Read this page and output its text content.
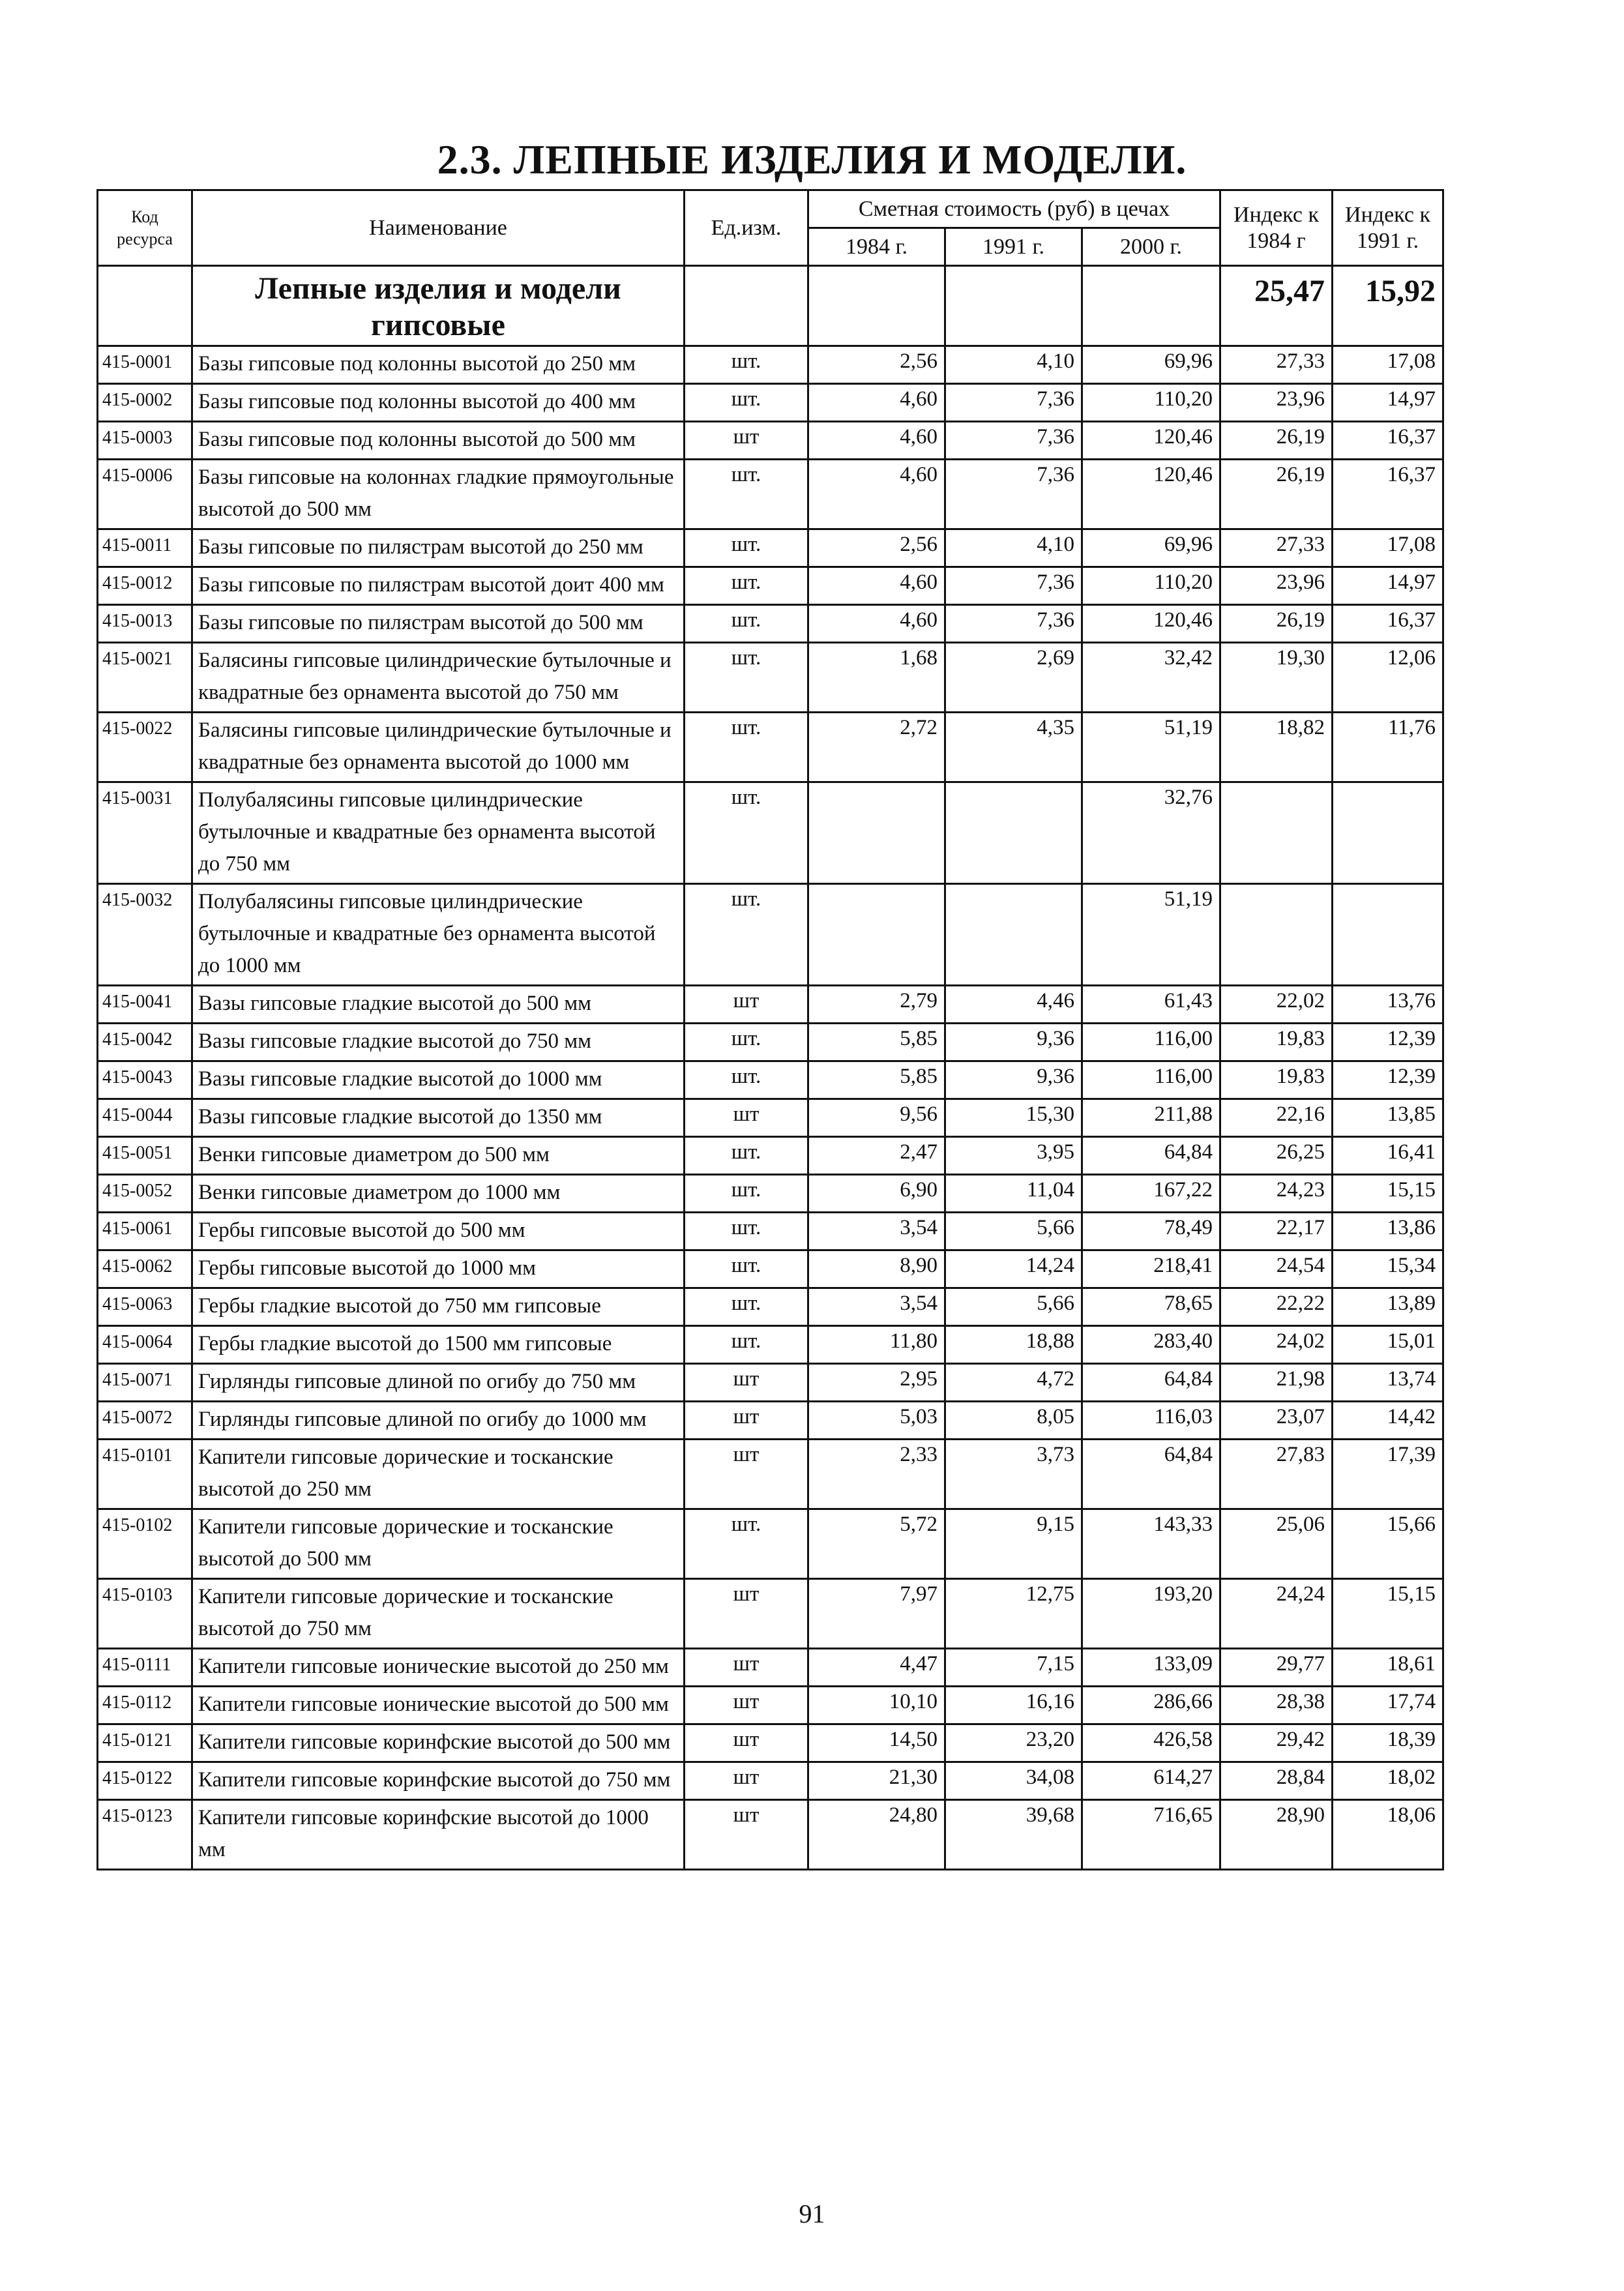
2.3. ЛЕПНЫЕ ИЗДЕЛИЯ И МОДЕЛИ.
Код ресурса	Наименование	Ед.изм.	Сметная стоимость (руб) в цечах			Индекс к 1984 г	Индекс к 1991 г.
			1984 г.	1991 г.	2000 г.		
	Лепные изделия и модели гипсовые					25,47	15,92
415-0001	Базы гипсовые под колонны высотой до 250 мм	шт.	2,56	4,10	69,96	27,33	17,08
415-0002	Базы гипсовые под колонны высотой до 400 мм	шт.	4,60	7,36	110,20	23,96	14,97
415-0003	Базы гипсовые под колонны высотой до 500 мм	шт	4,60	7,36	120,46	26,19	16,37
415-0006	Базы гипсовые на колоннах гладкие прямоугольные высотой до 500 мм	шт.	4,60	7,36	120,46	26,19	16,37
415-0011	Базы гипсовые по пилястрам высотой до 250 мм	шт.	2,56	4,10	69,96	27,33	17,08
415-0012	Базы гипсовые по пилястрам высотой доит 400 мм	шт.	4,60	7,36	110,20	23,96	14,97
415-0013	Базы гипсовые по пилястрам высотой до 500 мм	шт.	4,60	7,36	120,46	26,19	16,37
415-0021	Балясины гипсовые цилиндрические бутылочные и квадратные без орнамента высотой до 750 мм	шт.	1,68	2,69	32,42	19,30	12,06
415-0022	Балясины гипсовые цилиндрические бутылочные и квадратные без орнамента высотой до 1000 мм	шт.	2,72	4,35	51,19	18,82	11,76
415-0031	Полубалясины гипсовые цилиндрические бутылочные и квадратные без орнамента высотой до 750 мм	шт.			32,76		
415-0032	Полубалясины гипсовые цилиндрические бутылочные и квадратные без орнамента высотой до 1000 мм	шт.			51,19		
415-0041	Вазы гипсовые гладкие высотой до 500 мм	шт	2,79	4,46	61,43	22,02	13,76
415-0042	Вазы гипсовые гладкие высотой до 750 мм	шт.	5,85	9,36	116,00	19,83	12,39
415-0043	Вазы гипсовые гладкие высотой до 1000 мм	шт.	5,85	9,36	116,00	19,83	12,39
415-0044	Вазы гипсовые гладкие высотой до 1350 мм	шт	9,56	15,30	211,88	22,16	13,85
415-0051	Венки гипсовые диаметром до 500 мм	шт.	2,47	3,95	64,84	26,25	16,41
415-0052	Венки гипсовые диаметром до 1000 мм	шт.	6,90	11,04	167,22	24,23	15,15
415-0061	Гербы гипсовые высотой до 500 мм	шт.	3,54	5,66	78,49	22,17	13,86
415-0062	Гербы гипсовые высотой до 1000 мм	шт.	8,90	14,24	218,41	24,54	15,34
415-0063	Гербы гладкие высотой до 750 мм гипсовые	шт.	3,54	5,66	78,65	22,22	13,89
415-0064	Гербы гладкие высотой до 1500 мм гипсовые	шт.	11,80	18,88	283,40	24,02	15,01
415-0071	Гирлянды гипсовые длиной по огибу до 750 мм	шт	2,95	4,72	64,84	21,98	13,74
415-0072	Гирлянды гипсовые длиной по огибу до 1000 мм	шт	5,03	8,05	116,03	23,07	14,42
415-0101	Капители гипсовые дорические и тосканские высотой до 250 мм	шт	2,33	3,73	64,84	27,83	17,39
415-0102	Капители гипсовые дорические и тосканские высотой до 500 мм	шт.	5,72	9,15	143,33	25,06	15,66
415-0103	Капители гипсовые дорические и тосканские высотой до 750 мм	шт	7,97	12,75	193,20	24,24	15,15
415-0111	Капители гипсовые ионические высотой до 250 мм	шт	4,47	7,15	133,09	29,77	18,61
415-0112	Капители гипсовые ионические высотой до 500 мм	шт	10,10	16,16	286,66	28,38	17,74
415-0121	Капители гипсовые коринфские высотой до 500 мм	шт	14,50	23,20	426,58	29,42	18,39
415-0122	Капители гипсовые коринфские высотой до 750 мм	шт	21,30	34,08	614,27	28,84	18,02
415-0123	Капители гипсовые коринфские высотой до 1000 мм	шт	24,80	39,68	716,65	28,90	18,06
91
